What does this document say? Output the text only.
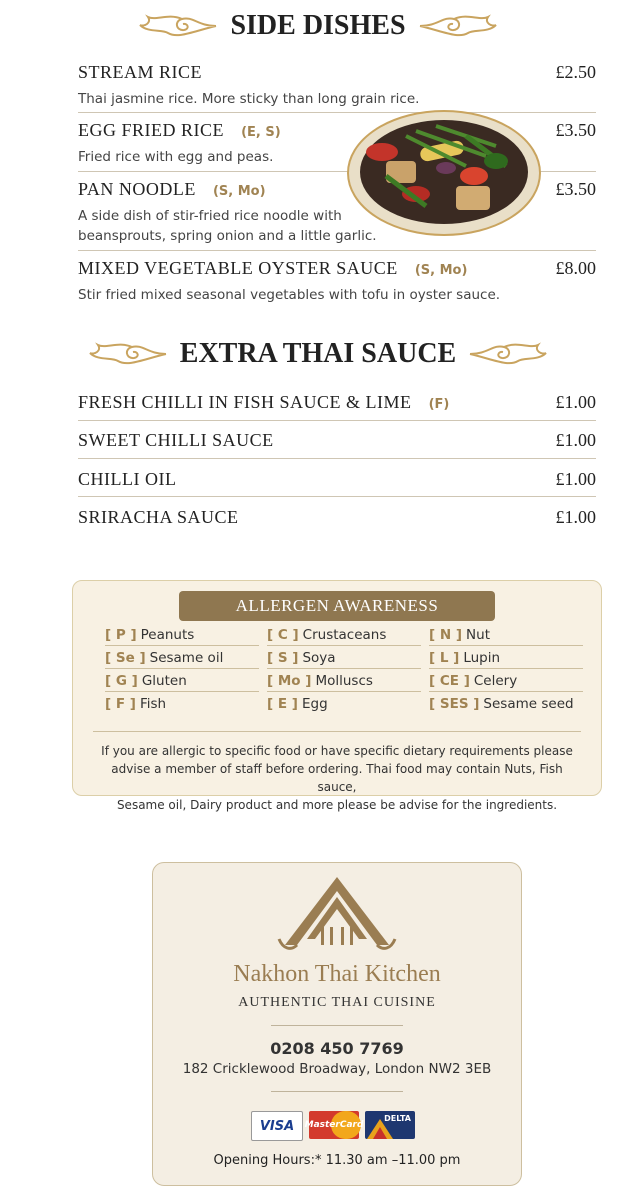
SIDE DISHES
STREAM RICE	£2.50
Thai jasmine rice. More sticky than long grain rice.
EGG FRIED RICE (E, S)	£3.50
Fried rice with egg and peas.
PAN NOODLE (S, Mo)	£3.50
A side dish of stir-fried rice noodle with
beansprouts, spring onion and a little garlic.
MIXED VEGETABLE OYSTER SAUCE (S, Mo)	£8.00
Stir fried mixed seasonal vegetables with tofu in oyster sauce.
EXTRA THAI SAUCE
FRESH CHILLI IN FISH SAUCE & LIME (F)	£1.00
SWEET CHILLI SAUCE	£1.00
CHILLI OIL	£1.00
SRIRACHA SAUCE	£1.00
ALLERGEN AWARENESS
[ P ] Peanuts	[ C ] Crustaceans	[ N ] Nut
[ Se ] Sesame oil	[ S ] Soya	[ L ] Lupin
[ G ] Gluten	[ Mo ] Molluscs	[ CE ] Celery
[ F ] Fish	[ E ] Egg	[ SES ] Sesame seed
If you are allergic to specific food or have specific dietary requirements please
advise a member of staff before ordering. Thai food may contain Nuts, Fish sauce,
Sesame oil, Dairy product and more please be advise for the ingredients.
Nakhon Thai Kitchen
AUTHENTIC THAI CUISINE
0208 450 7769
182 Cricklewood Broadway, London NW2 3EB
VISA MasterCard
DELTA
Opening Hours:* 11.30 am –11.00 pm
